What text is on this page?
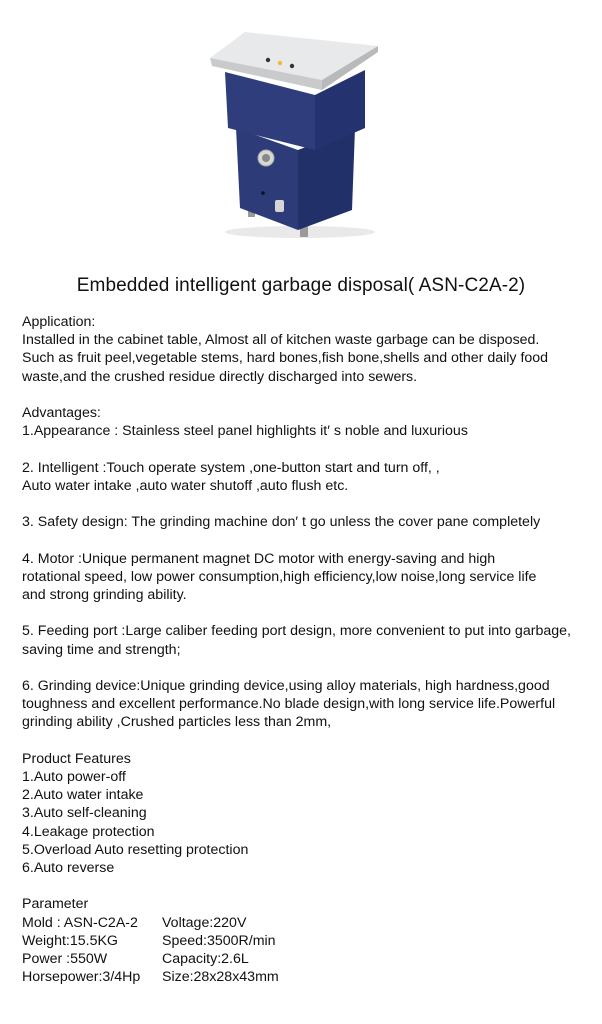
Embedded intelligent garbage disposal( ASN-C2A-2)
Application:
Installed in the cabinet table, Almost all of kitchen waste garbage can be disposed.
Such as fruit peel,vegetable stems, hard bones,fish bone,shells and other daily food
waste,and the crushed residue directly discharged into sewers.
Advantages:
1.Appearance : Stainless steel panel highlights it′ s noble and luxurious
2. Intelligent :Touch operate system ,one-button start and turn off, ,
Auto water intake ,auto water shutoff ,auto flush etc.
3. Safety design: The grinding machine don′ t go unless the cover pane completely
4. Motor :Unique permanent magnet DC motor with energy-saving and high
rotational speed, low power consumption,high efficiency,low noise,long service life
and strong grinding ability.
5. Feeding port :Large caliber feeding port design, more convenient to put into garbage,
saving time and strength;
6. Grinding device:Unique grinding device,using alloy materials, high hardness,good
toughness and excellent performance.No blade design,with long service life.Powerful
grinding ability ,Crushed particles less than 2mm,
Product Features
1.Auto power-off
2.Auto water intake
3.Auto self-cleaning
4.Leakage protection
5.Overload Auto resetting protection
6.Auto reverse
Parameter
Mold : ASN-C2A-2	Voltage:220V
Weight:15.5KG	Speed:3500R/min
Power :550W	Capacity:2.6L
Horsepower:3/4Hp	Size:28x28x43mm
